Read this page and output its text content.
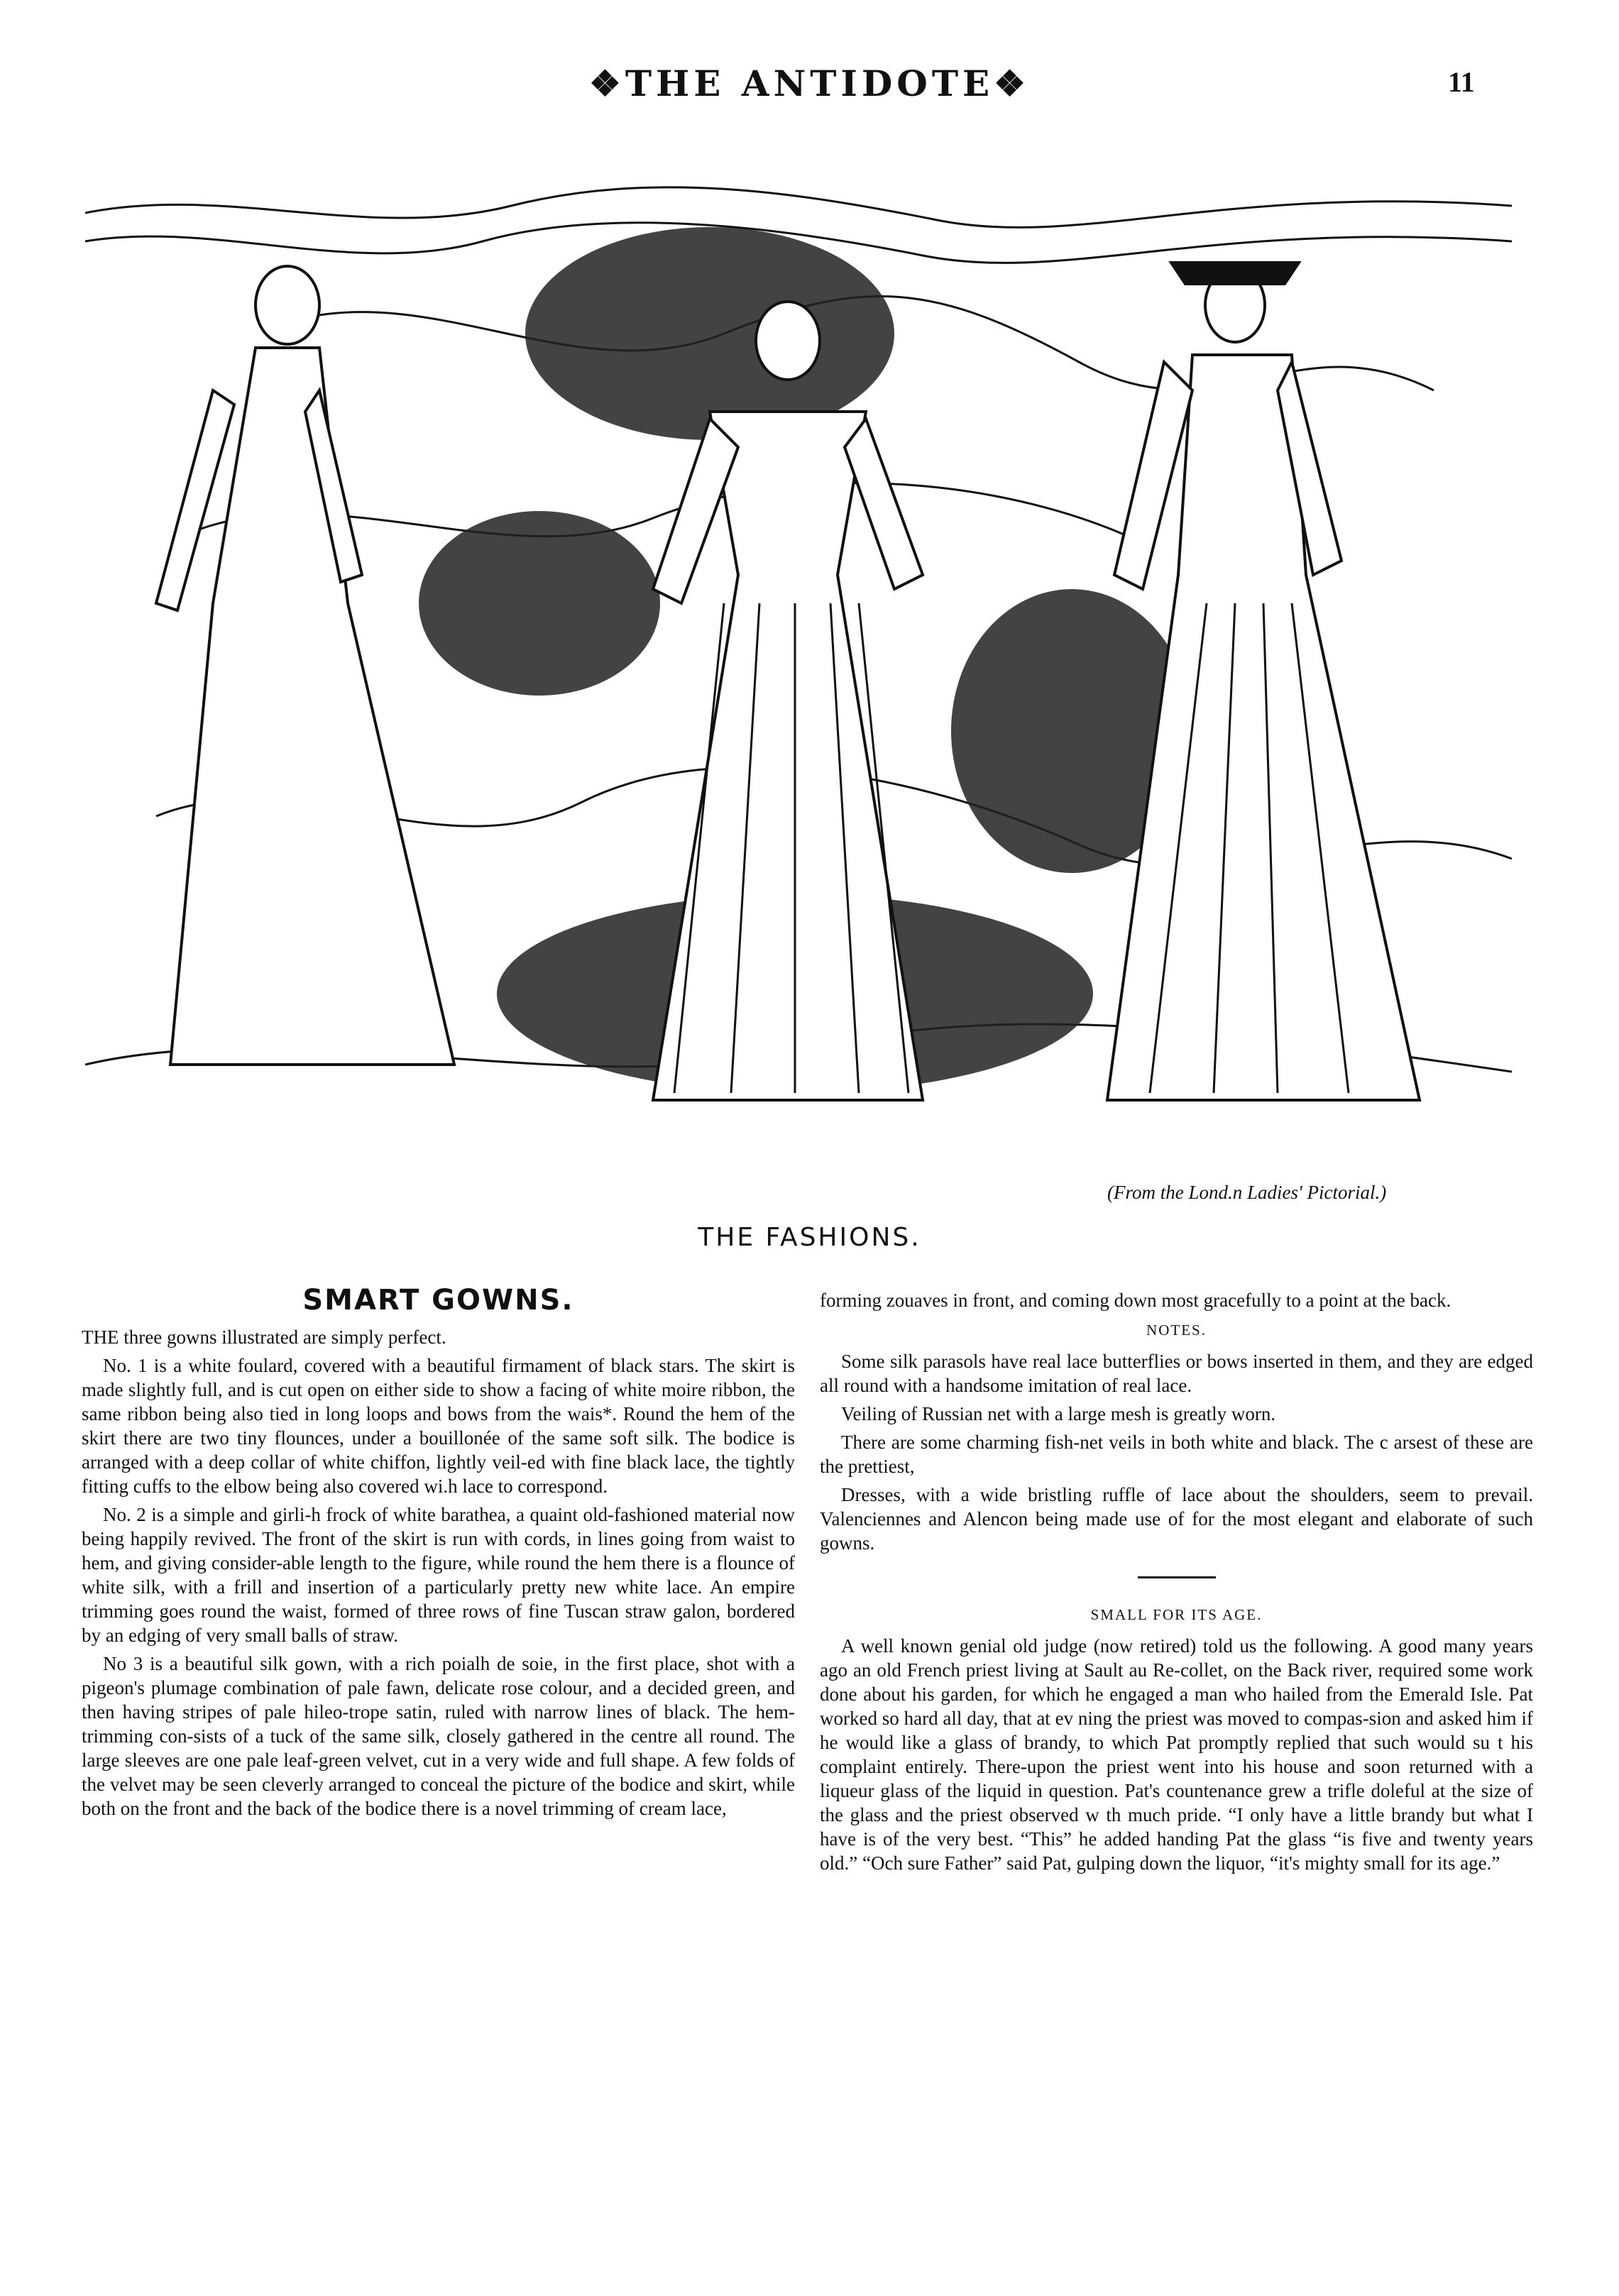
❖THE ANTIDOTE❖	11
(From the Lond.n Ladies' Pictorial.)
THE FASHIONS.
SMART GOWNS.

THE three gowns illustrated are simply perfect.

No. 1 is a white foulard, covered with a beautiful firmament of black stars. The skirt is made slightly full, and is cut open on either side to show a facing of white moire ribbon, the same ribbon being also tied in long loops and bows from the wais*. Round the hem of the skirt there are two tiny flounces, under a bouillonée of the same soft silk. The bodice is arranged with a deep collar of white chiffon, lightly veil-ed with fine black lace, the tightly fitting cuffs to the elbow being also covered wi.h lace to correspond.

No. 2 is a simple and girli-h frock of white barathea, a quaint old-fashioned material now being happily revived. The front of the skirt is run with cords, in lines going from waist to hem, and giving consider-able length to the figure, while round the hem there is a flounce of white silk, with a frill and insertion of a particularly pretty new white lace. An empire trimming goes round the waist, formed of three rows of fine Tuscan straw galon, bordered by an edging of very small balls of straw.

No 3 is a beautiful silk gown, with a rich poialh de soie, in the first place, shot with a pigeon's plumage combination of pale fawn, delicate rose colour, and a decided green, and then having stripes of pale hileo-trope satin, ruled with narrow lines of black. The hem-trimming con-sists of a tuck of the same silk, closely gathered in the centre all round. The large sleeves are one pale leaf-green velvet, cut in a very wide and full shape. A few folds of the velvet may be seen cleverly arranged to conceal the picture of the bodice and skirt, while both on the front and the back of the bodice there is a novel trimming of cream lace,

forming zouaves in front, and coming down most gracefully to a point at the back.

NOTES.

Some silk parasols have real lace butterflies or bows inserted in them, and they are edged all round with a handsome imitation of real lace.

Veiling of Russian net with a large mesh is greatly worn.

There are some charming fish-net veils in both white and black. The c arsest of these are the prettiest,

Dresses, with a wide bristling ruffle of lace about the shoulders, seem to prevail. Valenciennes and Alencon being made use of for the most elegant and elaborate of such gowns.

SMALL FOR ITS AGE.

A well known genial old judge (now retired) told us the following. A good many years ago an old French priest living at Sault au Re-collet, on the Back river, required some work done about his garden, for which he engaged a man who hailed from the Emerald Isle. Pat worked so hard all day, that at ev ning the priest was moved to compas-sion and asked him if he would like a glass of brandy, to which Pat promptly replied that such would su t his complaint entirely. There-upon the priest went into his house and soon returned with a liqueur glass of the liquid in question. Pat's countenance grew a trifle doleful at the size of the glass and the priest observed w th much pride. “I only have a little brandy but what I have is of the very best. “This” he added handing Pat the glass “is five and twenty years old.” “Och sure Father” said Pat, gulping down the liquor, “it's mighty small for its age.”
